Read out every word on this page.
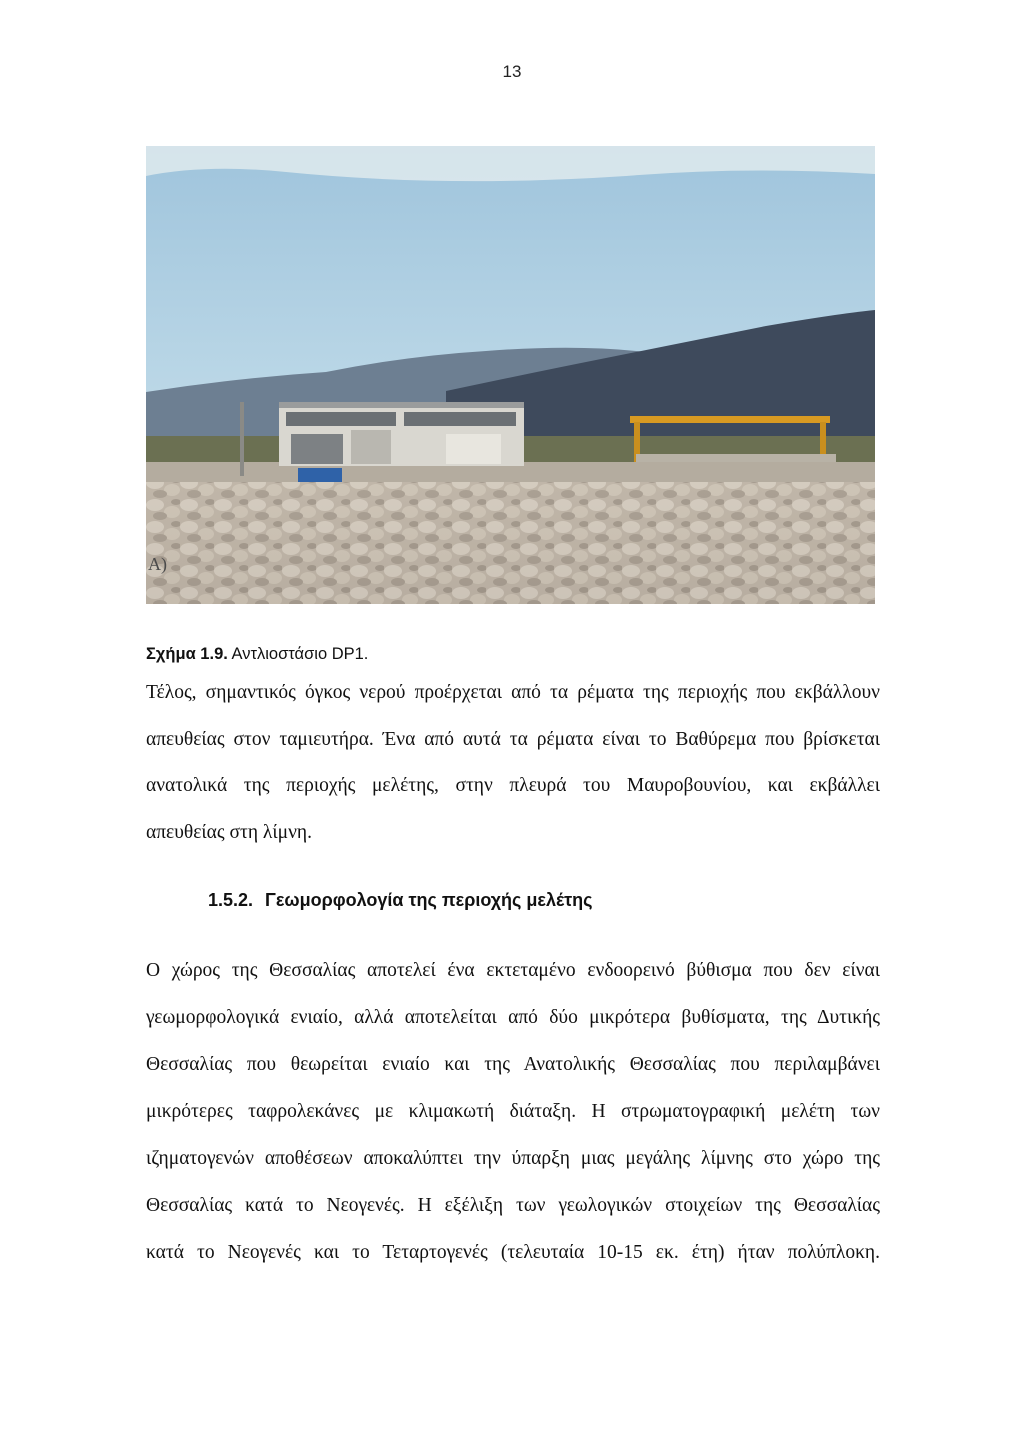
13
A)
Σχήμα 1.9. Αντλιοστάσιο DP1.

Τέλος, σημαντικός όγκος νερού προέρχεται από τα ρέματα της περιοχής που εκβάλλουν

απευθείας στον ταμιευτήρα. Ένα από αυτά τα ρέματα είναι το Βαθύρεμα που βρίσκεται

ανατολικά της περιοχής μελέτης, στην πλευρά του Μαυροβουνίου, και εκβάλλει

απευθείας στη λίμνη.

1.5.2. Γεωμορφολογία της περιοχής μελέτης

Ο χώρος της Θεσσαλίας αποτελεί ένα εκτεταμένο ενδοορεινό βύθισμα που δεν είναι

γεωμορφολογικά ενιαίο, αλλά αποτελείται από δύο μικρότερα βυθίσματα, της Δυτικής

Θεσσαλίας που θεωρείται ενιαίο και της Ανατολικής Θεσσαλίας που περιλαμβάνει

μικρότερες ταφρολεκάνες με κλιμακωτή διάταξη. Η στρωματογραφική μελέτη των

ιζηματογενών αποθέσεων αποκαλύπτει την ύπαρξη μιας μεγάλης λίμνης στο χώρο της

Θεσσαλίας κατά το Νεογενές. Η εξέλιξη των γεωλογικών στοιχείων της Θεσσαλίας

κατά το Νεογενές και το Τεταρτογενές (τελευταία 10-15 εκ. έτη) ήταν πολύπλοκη.
